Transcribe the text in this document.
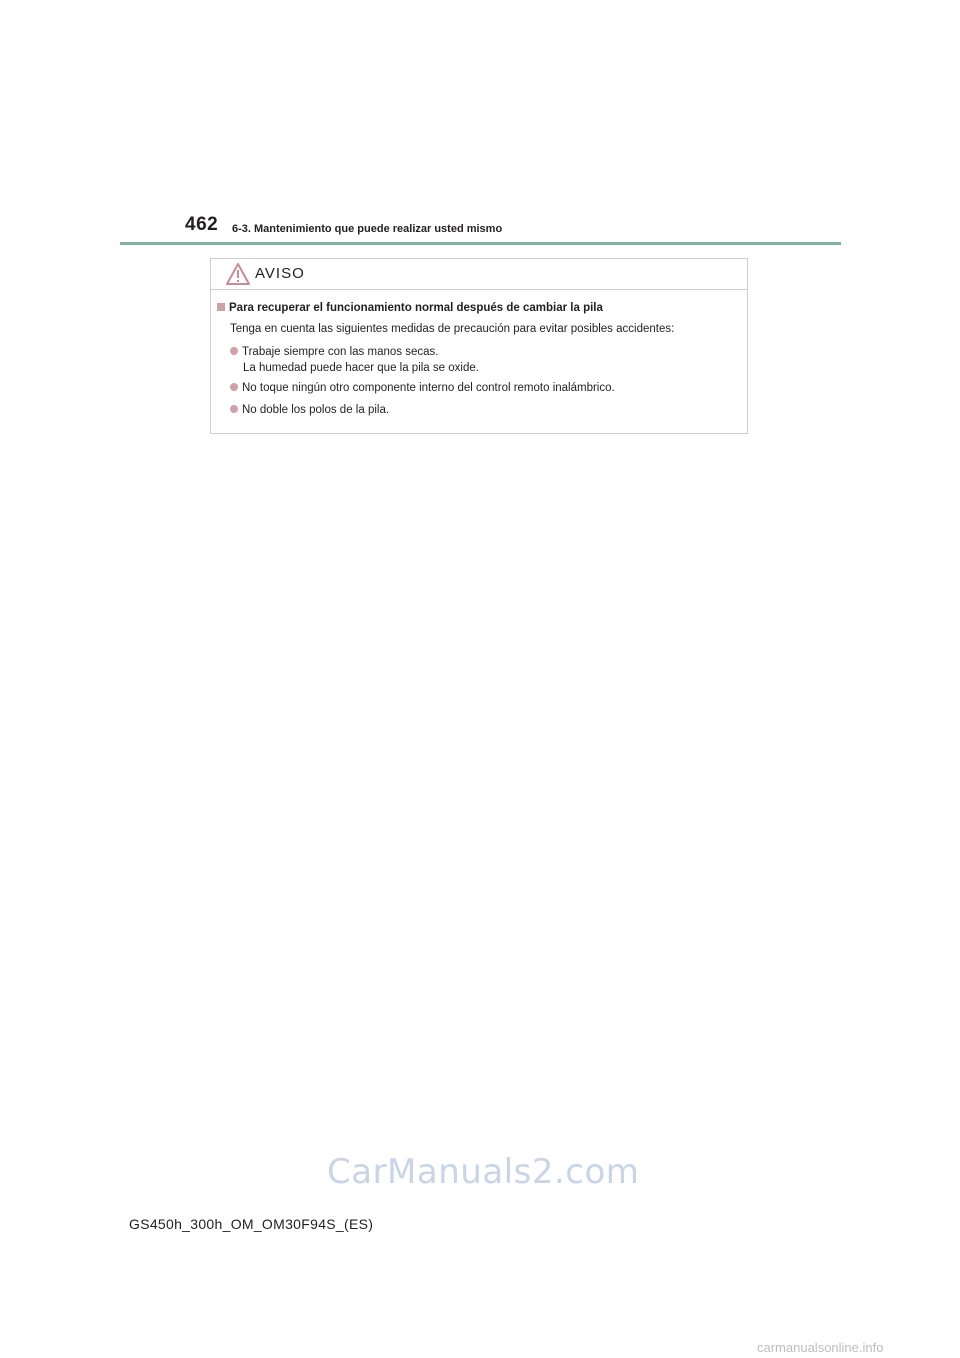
462 6-3. Mantenimiento que puede realizar usted mismo
AVISO
Para recuperar el funcionamiento normal después de cambiar la pila
Tenga en cuenta las siguientes medidas de precaución para evitar posibles accidentes:
Trabaje siempre con las manos secas.
La humedad puede hacer que la pila se oxide.
No toque ningún otro componente interno del control remoto inalámbrico.
No doble los polos de la pila.
CarManuals2.com
GS450h_300h_OM_OM30F94S_(ES)
carmanualsonline.info
